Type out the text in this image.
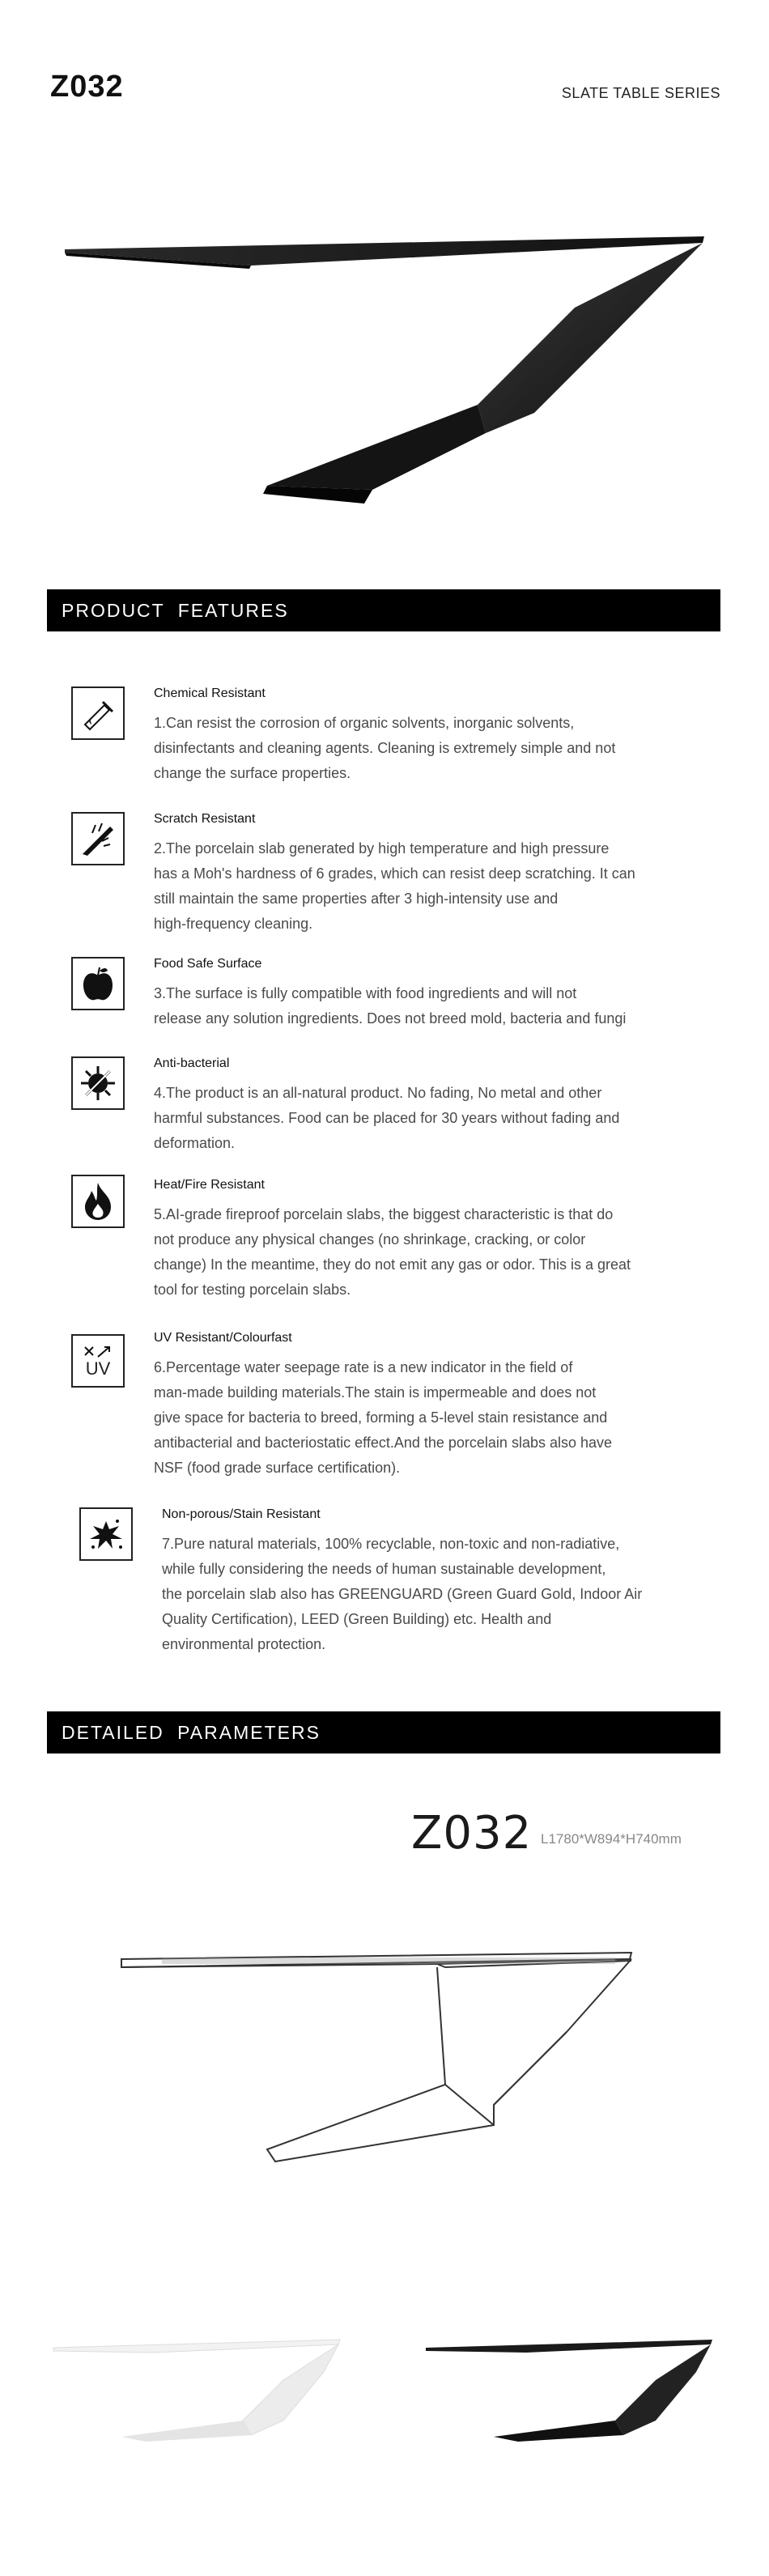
Z032	SLATE TABLE SERIES
PRODUCT FEATURES
Chemical Resistant
1.Can resist the corrosion of organic solvents, inorganic solvents,
disinfectants and cleaning agents. Cleaning is extremely simple and not
change the surface properties.
Scratch Resistant
2.The porcelain slab generated by high temperature and high pressure
has a Moh's hardness of 6 grades, which can resist deep scratching. It can
still maintain the same properties after 3 high-intensity use and
high-frequency cleaning.
Food Safe Surface
3.The surface is fully compatible with food ingredients and will not
release any solution ingredients. Does not breed mold, bacteria and fungi
Anti-bacterial
4.The product is an all-natural product. No fading, No metal and other
harmful substances. Food can be placed for 30 years without fading and
deformation.
Heat/Fire Resistant
5.AI-grade fireproof porcelain slabs, the biggest characteristic is that do
not produce any physical changes (no shrinkage, cracking, or color
change) In the meantime, they do not emit any gas or odor. This is a great
tool for testing porcelain slabs.
UV
UV Resistant/Colourfast
6.Percentage water seepage rate is a new indicator in the field of
man-made building materials.The stain is impermeable and does not
give space for bacteria to breed, forming a 5-level stain resistance and
antibacterial and bacteriostatic effect.And the porcelain slabs also have
NSF (food grade surface certification).
Non-porous/Stain Resistant
7.Pure natural materials, 100% recyclable, non-toxic and non-radiative,
while fully considering the needs of human sustainable development,
the porcelain slab also has GREENGUARD (Green Guard Gold, Indoor Air
Quality Certification), LEED (Green Building) etc. Health and
environmental protection.
DETAILED PARAMETERS
Z032 L1780*W894*H740mm
